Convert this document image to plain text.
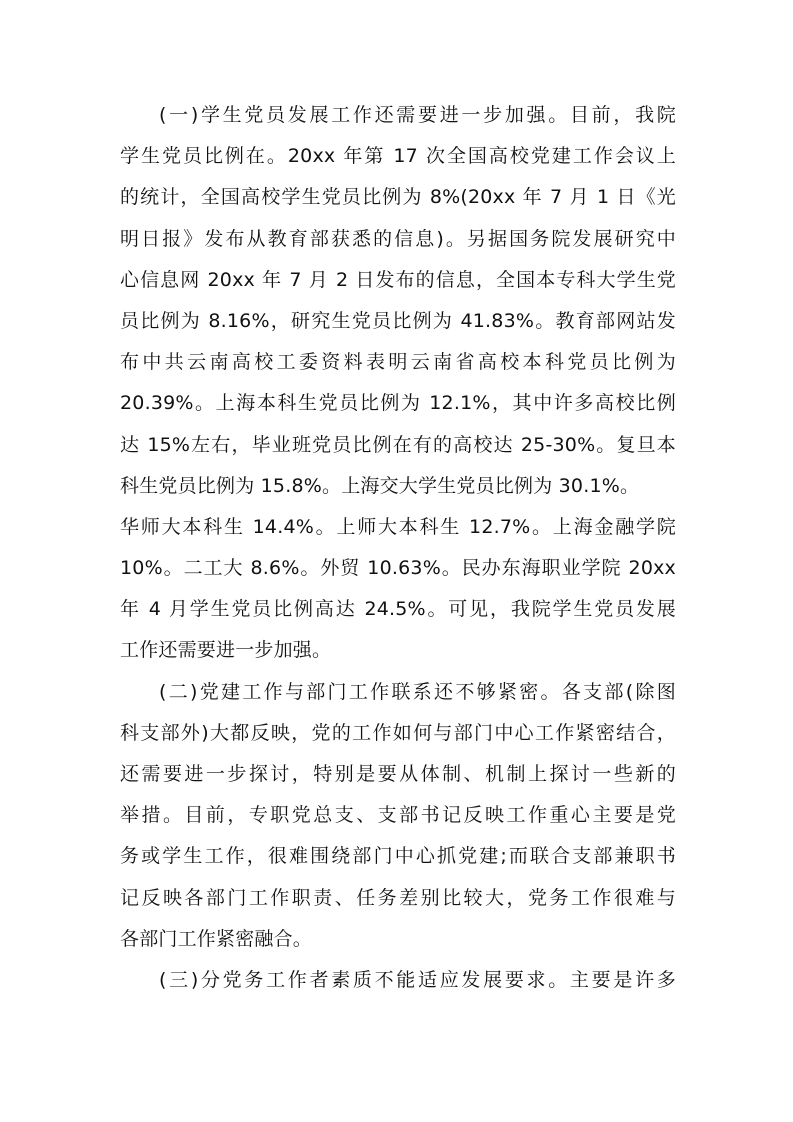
(一)学生党员发展工作还需要进一步加强。目前，我院
学生党员比例在。20xx 年第 17 次全国高校党建工作会议上
的统计，全国高校学生党员比例为 8%(20xx 年 7 月 1 日《光
明日报》发布从教育部获悉的信息)。另据国务院发展研究中
心信息网 20xx 年 7 月 2 日发布的信息，全国本专科大学生党
员比例为 8.16%，研究生党员比例为 41.83%。教育部网站发
布中共云南高校工委资料表明云南省高校本科党员比例为
20.39%。上海本科生党员比例为 12.1%，其中许多高校比例
达 15%左右，毕业班党员比例在有的高校达 25-30%。复旦本
科生党员比例为 15.8%。上海交大学生党员比例为 30.1%。
华师大本科生 14.4%。上师大本科生 12.7%。上海金融学院
10%。二工大 8.6%。外贸 10.63%。民办东海职业学院 20xx
年 4 月学生党员比例高达 24.5%。可见，我院学生党员发展
工作还需要进一步加强。
(二)党建工作与部门工作联系还不够紧密。各支部(除图
科支部外)大都反映，党的工作如何与部门中心工作紧密结合，
还需要进一步探讨，特别是要从体制、机制上探讨一些新的
举措。目前，专职党总支、支部书记反映工作重心主要是党
务或学生工作，很难围绕部门中心抓党建;而联合支部兼职书
记反映各部门工作职责、任务差别比较大，党务工作很难与
各部门工作紧密融合。
(三)分党务工作者素质不能适应发展要求。主要是许多
